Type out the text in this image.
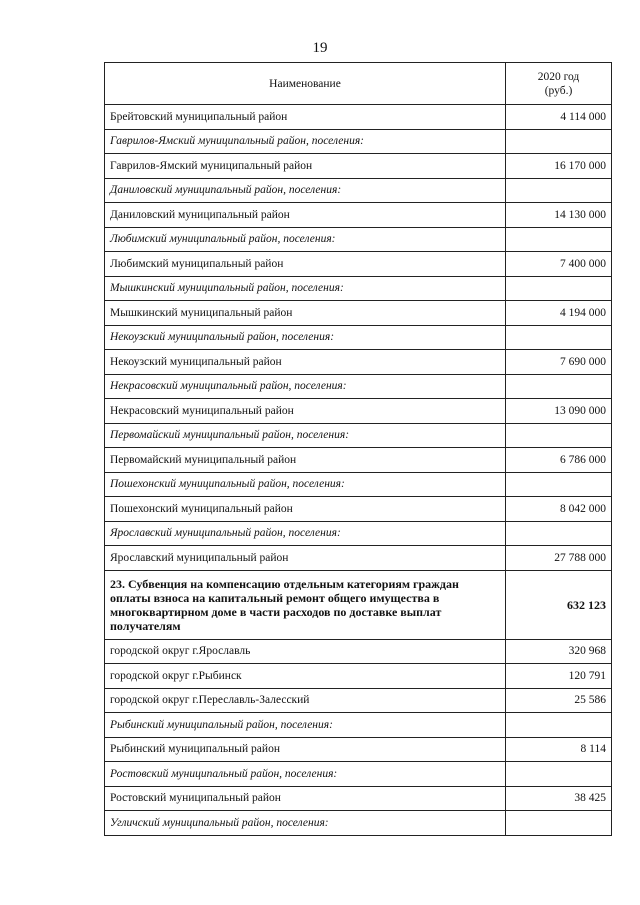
19
Наименование	2020 год
(руб.)
Брейтовский муниципальный район	4 114 000
Гаврилов-Ямский муниципальный район, поселения:	
Гаврилов-Ямский муниципальный район	16 170 000
Даниловский муниципальный район, поселения:	
Даниловский муниципальный район	14 130 000
Любимский муниципальный район, поселения:	
Любимский муниципальный район	7 400 000
Мышкинский муниципальный район, поселения:	
Мышкинский муниципальный район	4 194 000
Некоузский муниципальный район, поселения:	
Некоузский муниципальный район	7 690 000
Некрасовский муниципальный район, поселения:	
Некрасовский муниципальный район	13 090 000
Первомайский муниципальный район, поселения:	
Первомайский муниципальный район	6 786 000
Пошехонский муниципальный район, поселения:	
Пошехонский муниципальный район	8 042 000
Ярославский муниципальный район, поселения:	
Ярославский муниципальный район	27 788 000
23. Субвенция на компенсацию отдельным категориям граждан оплаты взноса на капитальный ремонт общего имущества в многоквартирном доме в части расходов по доставке выплат получателям	632 123
городской округ г.Ярославль	320 968
городской округ г.Рыбинск	120 791
городской округ г.Переславль-Залесский	25 586
Рыбинский муниципальный район, поселения:	
Рыбинский муниципальный район	8 114
Ростовский муниципальный район, поселения:	
Ростовский муниципальный район	38 425
Угличский муниципальный район, поселения:	
